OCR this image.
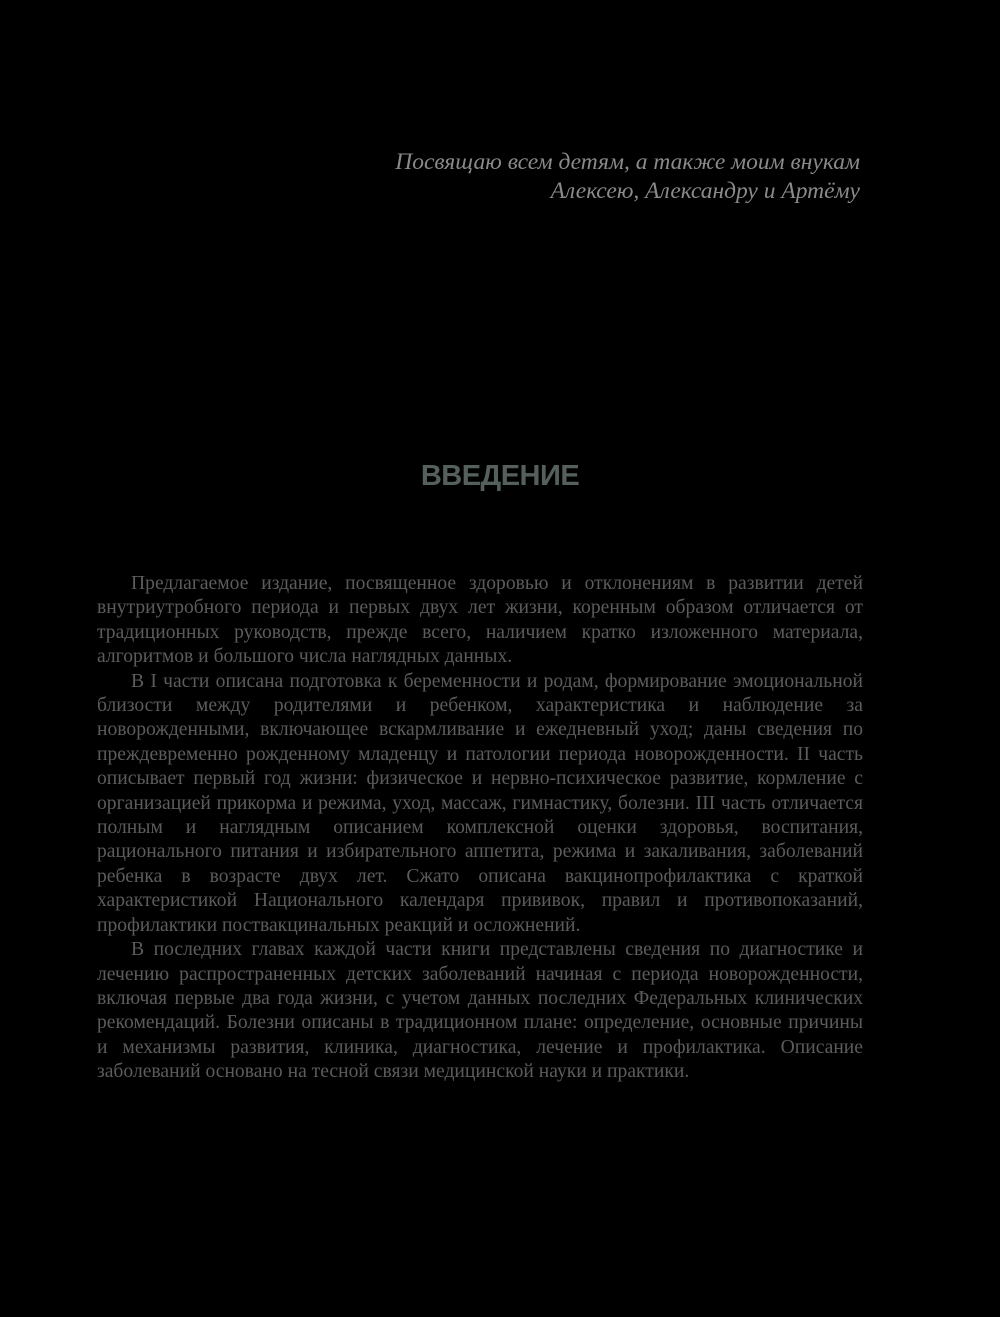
Посвящаю всем детям, а также моим внукам
Алексею, Александру и Артёму
ВВЕДЕНИЕ

Предлагаемое издание, посвященное здоровью и отклонениям в развитии детей внутриутробного периода и первых двух лет жизни, коренным образом отличается от традиционных руководств, прежде всего, наличием кратко изложенного материала, алгоритмов и большого числа наглядных данных.

В I части описана подготовка к беременности и родам, формирование эмоциональной близости между родителями и ребенком, характеристика и наблюдение за новорожденными, включающее вскармливание и ежедневный уход; даны сведения по преждевременно рожденному младенцу и патологии периода новорожденности. II часть описывает первый год жизни: физическое и нервно-психическое развитие, кормление с организацией прикорма и режима, уход, массаж, гимнастику, болезни. III часть отличается полным и наглядным описанием комплексной оценки здоровья, воспитания, рационального питания и избирательного аппетита, режима и закаливания, заболеваний ребенка в возрасте двух лет. Сжато описана вакцинопрофилактика с краткой характеристикой Национального календаря прививок, правил и противопоказаний, профилактики поствакцинальных реакций и осложнений.

В последних главах каждой части книги представлены сведения по диагностике и лечению распространенных детских заболеваний начиная с периода новорожденности, включая первые два года жизни, с учетом данных последних Федеральных клинических рекомендаций. Болезни описаны в традиционном плане: определение, основные причины и механизмы развития, клиника, диагностика, лечение и профилактика. Описание заболеваний основано на тесной связи медицинской науки и практики.
